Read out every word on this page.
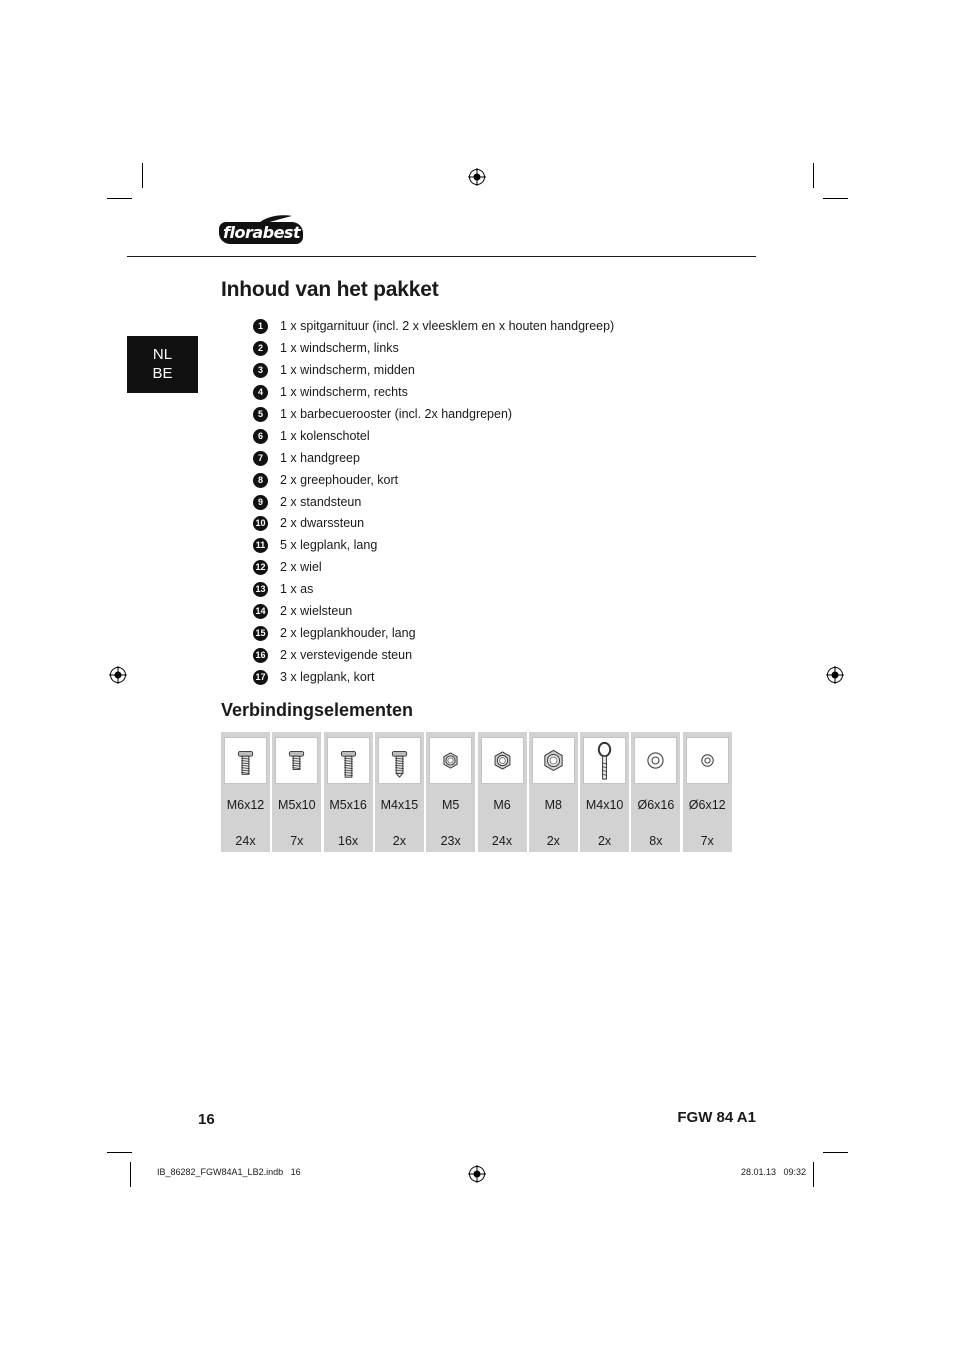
florabest
Inhoud van het pakket
NL
BE
1	1 x spitgarnituur (incl. 2 x vleesklem en x houten handgreep)
2	1 x windscherm, links
3	1 x windscherm, midden
4	1 x windscherm, rechts
5	1 x barbecuerooster (incl. 2x handgrepen)
6	1 x kolenschotel
7	1 x handgreep
8	2 x greephouder, kort
9	2 x standsteun
10 2 x dwarssteun
11 5 x legplank, lang
12 2 x wiel
13 1 x as
14 2 x wielsteun
15 2 x legplankhouder, lang
16 2 x verstevigende steun
17 3 x legplank, kort
Verbindingselementen
M6x12
24x
M5x10
7x
M5x16
16x
M4x15
2x
M5
23x
M6
24x
M8
2x
M4x10
2x
Ø6x16
8x
Ø6x12
7x
16	FGW 84 A1
IB_86282_FGW84A1_LB2.indb   16	28.01.13   09:32
